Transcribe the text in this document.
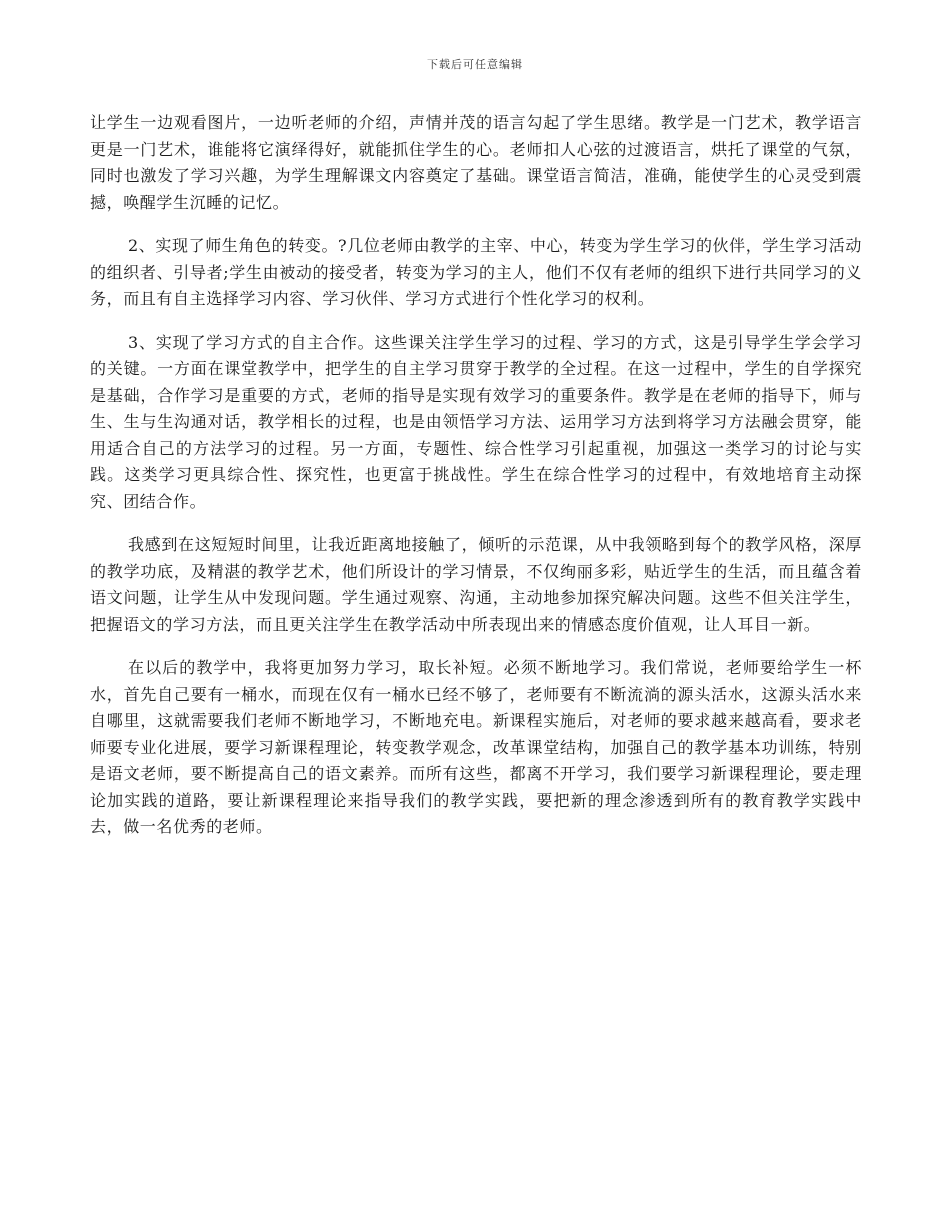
下载后可任意编辑

让学生一边观看图片，一边听老师的介绍，声情并茂的语言勾起了学生思绪。教学是一门艺术，教学语言更是一门艺术，谁能将它演绎得好，就能抓住学生的心。老师扣人心弦的过渡语言，烘托了课堂的气氛，同时也激发了学习兴趣，为学生理解课文内容奠定了基础。课堂语言简洁，准确，能使学生的心灵受到震撼，唤醒学生沉睡的记忆。

2、实现了师生角色的转变。?几位老师由教学的主宰、中心，转变为学生学习的伙伴，学生学习活动的组织者、引导者;学生由被动的接受者，转变为学习的主人，他们不仅有老师的组织下进行共同学习的义务，而且有自主选择学习内容、学习伙伴、学习方式进行个性化学习的权利。

3、实现了学习方式的自主合作。这些课关注学生学习的过程、学习的方式，这是引导学生学会学习的关键。一方面在课堂教学中，把学生的自主学习贯穿于教学的全过程。在这一过程中，学生的自学探究是基础，合作学习是重要的方式，老师的指导是实现有效学习的重要条件。教学是在老师的指导下，师与生、生与生沟通对话，教学相长的过程，也是由领悟学习方法、运用学习方法到将学习方法融会贯穿，能用适合自己的方法学习的过程。另一方面，专题性、综合性学习引起重视，加强这一类学习的讨论与实践。这类学习更具综合性、探究性，也更富于挑战性。学生在综合性学习的过程中，有效地培育主动探究、团结合作。

我感到在这短短时间里，让我近距离地接触了，倾听的示范课，从中我领略到每个的教学风格，深厚的教学功底，及精湛的教学艺术，他们所设计的学习情景，不仅绚丽多彩，贴近学生的生活，而且蕴含着语文问题，让学生从中发现问题。学生通过观察、沟通，主动地参加探究解决问题。这些不但关注学生，把握语文的学习方法，而且更关注学生在教学活动中所表现出来的情感态度价值观，让人耳目一新。

在以后的教学中，我将更加努力学习，取长补短。必须不断地学习。我们常说，老师要给学生一杯水，首先自己要有一桶水，而现在仅有一桶水已经不够了，老师要有不断流淌的源头活水，这源头活水来自哪里，这就需要我们老师不断地学习，不断地充电。新课程实施后，对老师的要求越来越高看，要求老师要专业化进展，要学习新课程理论，转变教学观念，改革课堂结构，加强自己的教学基本功训练，特别是语文老师，要不断提高自己的语文素养。而所有这些，都离不开学习，我们要学习新课程理论，要走理论加实践的道路，要让新课程理论来指导我们的教学实践，要把新的理念渗透到所有的教育教学实践中去，做一名优秀的老师。
